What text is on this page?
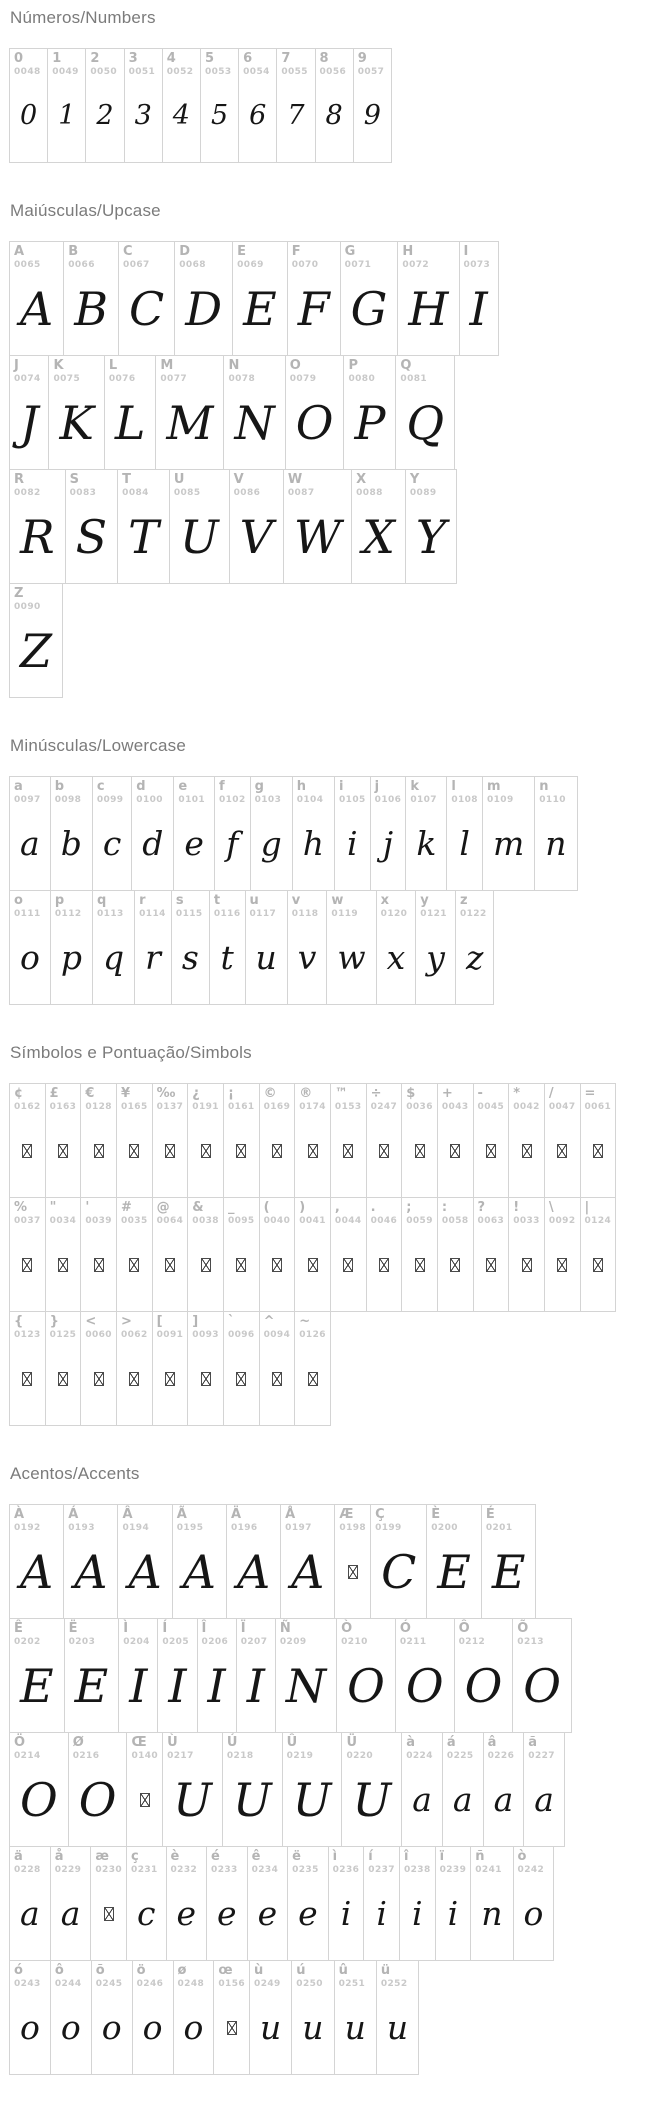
Números/Numbers
0
0048
0
1
0049
1
2
0050
2
3
0051
3
4
0052
4
5
0053
5
6
0054
6
7
0055
7
8
0056
8
9
0057
9
Maiúsculas/Upcase
A
0065
A
B
0066
B
C
0067
C
D
0068
D
E
0069
E
F
0070
F
G
0071
G
H
0072
H
I
0073
I
J
0074
J
K
0075
K
L
0076
L
M
0077
M
N
0078
N
O
0079
O
P
0080
P
Q
0081
Q
R
0082
R
S
0083
S
T
0084
T
U
0085
U
V
0086
V
W
0087
W
X
0088
X
Y
0089
Y
Z
0090
Z
Minúsculas/Lowercase
a
0097
a
b
0098
b
c
0099
c
d
0100
d
e
0101
e
f
0102
f
g
0103
g
h
0104
h
i
0105
i
j
0106
j
k
0107
k
l
0108
l
m
0109
m
n
0110
n
o
0111
o
p
0112
p
q
0113
q
r
0114
r
s
0115
s
t
0116
t
u
0117
u
v
0118
v
w
0119
w
x
0120
x
y
0121
y
z
0122
z
Símbolos e Pontuação/Simbols
¢
0162
£
0163
€
0128
¥
0165
‰
0137
¿
0191
¡
0161
©
0169
®
0174
™
0153
÷
0247
$
0036
+
0043
-
0045
*
0042
/
0047
=
0061
%
0037
"
0034
'
0039
#
0035
@
0064
&
0038
_
0095
(
0040
)
0041
,
0044
.
0046
;
0059
:
0058
?
0063
!
0033
\
0092
|
0124
{
0123
}
0125
<
0060
>
0062
[
0091
]
0093
`
0096
^
0094
~
0126
Acentos/Accents
À
0192
A
Á
0193
A
Â
0194
A
Ã
0195
A
Ä
0196
A
Å
0197
A
Æ
0198
Ç
0199
C
È
0200
E
É
0201
E
Ê
0202
E
Ë
0203
E
Ì
0204
I
Í
0205
I
Î
0206
I
Ï
0207
I
Ñ
0209
N
Ò
0210
O
Ó
0211
O
Ô
0212
O
Õ
0213
O
Ö
0214
O
Ø
0216
O
Œ
0140
Ù
0217
U
Ú
0218
U
Û
0219
U
Ü
0220
U
à
0224
a
á
0225
a
â
0226
a
ã
0227
a
ä
0228
a
å
0229
a
æ
0230
ç
0231
c
è
0232
e
é
0233
e
ê
0234
e
ë
0235
e
ì
0236
i
í
0237
i
î
0238
i
ï
0239
i
ñ
0241
n
ò
0242
o
ó
0243
o
ô
0244
o
õ
0245
o
ö
0246
o
ø
0248
o
œ
0156
ù
0249
u
ú
0250
u
û
0251
u
ü
0252
u
